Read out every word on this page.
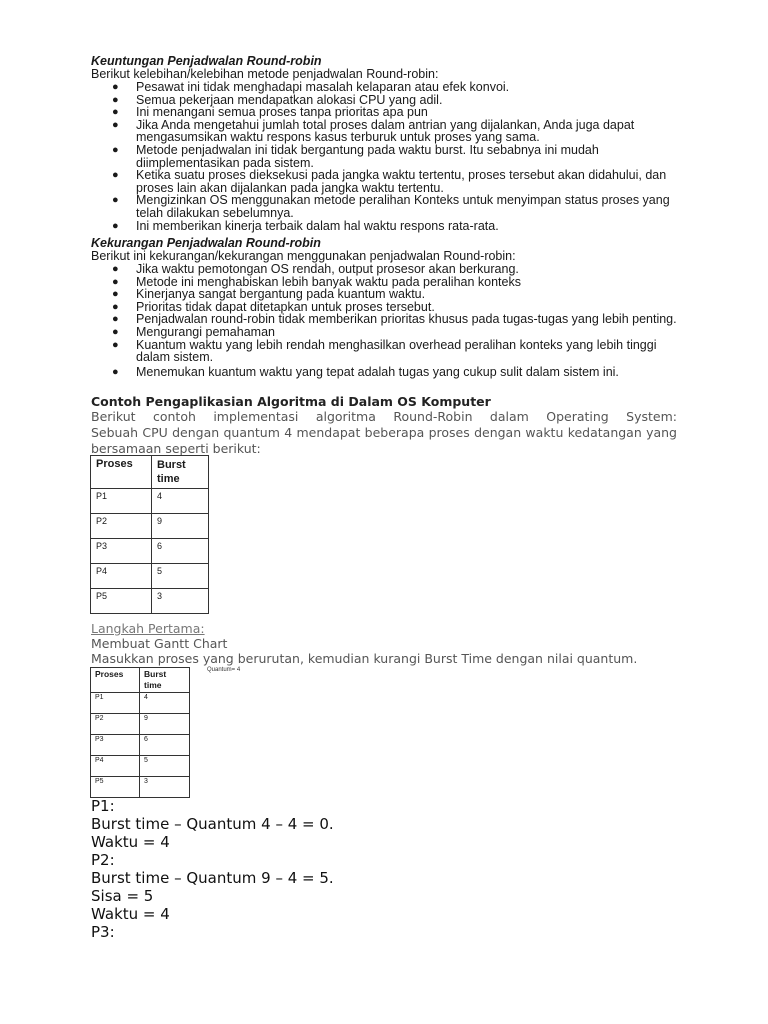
Keuntungan Penjadwalan Round-robin

Berikut kelebihan/kelebihan metode penjadwalan Round-robin:

● Pesawat ini tidak menghadapi masalah kelaparan atau efek konvoi.
● Semua pekerjaan mendapatkan alokasi CPU yang adil.
● Ini menangani semua proses tanpa prioritas apa pun
● Jika Anda mengetahui jumlah total proses dalam antrian yang dijalankan, Anda juga dapat mengasumsikan waktu respons kasus terburuk untuk proses yang sama.
● Metode penjadwalan ini tidak bergantung pada waktu burst. Itu sebabnya ini mudah diimplementasikan pada sistem.
● Ketika suatu proses dieksekusi pada jangka waktu tertentu, proses tersebut akan didahului, dan proses lain akan dijalankan pada jangka waktu tertentu.
● Mengizinkan OS menggunakan metode peralihan Konteks untuk menyimpan status proses yang telah dilakukan sebelumnya.
● Ini memberikan kinerja terbaik dalam hal waktu respons rata-rata.

Kekurangan Penjadwalan Round-robin

Berikut ini kekurangan/kekurangan menggunakan penjadwalan Round-robin:

● Jika waktu pemotongan OS rendah, output prosesor akan berkurang.
● Metode ini menghabiskan lebih banyak waktu pada peralihan konteks
● Kinerjanya sangat bergantung pada kuantum waktu.
● Prioritas tidak dapat ditetapkan untuk proses tersebut.
● Penjadwalan round-robin tidak memberikan prioritas khusus pada tugas-tugas yang lebih penting.
● Mengurangi pemahaman
● Kuantum waktu yang lebih rendah menghasilkan overhead peralihan konteks yang lebih tinggi dalam sistem.
● Menemukan kuantum waktu yang tepat adalah tugas yang cukup sulit dalam sistem ini.

Contoh Pengaplikasian Algoritma di Dalam OS Komputer

Berikut contoh implementasi algoritma Round-Robin dalam Operating System:

Sebuah CPU dengan quantum 4 mendapat beberapa proses dengan waktu kedatangan yang

bersamaan seperti berikut:

Proses	Burst time
P1	4
P2	9
P3	6
P4	5
P5	3

Langkah Pertama:

Membuat Gantt Chart

Masukkan proses yang berurutan, kemudian kurangi Burst Time dengan nilai quantum.

Proses	Burst time
P1	4
P2	9
P3	6
P4	5
P5	3
Quantum= 4

P1:

Burst time – Quantum 4 – 4 = 0.

Waktu = 4

P2:

Burst time – Quantum 9 – 4 = 5.

Sisa = 5

Waktu = 4

P3:
